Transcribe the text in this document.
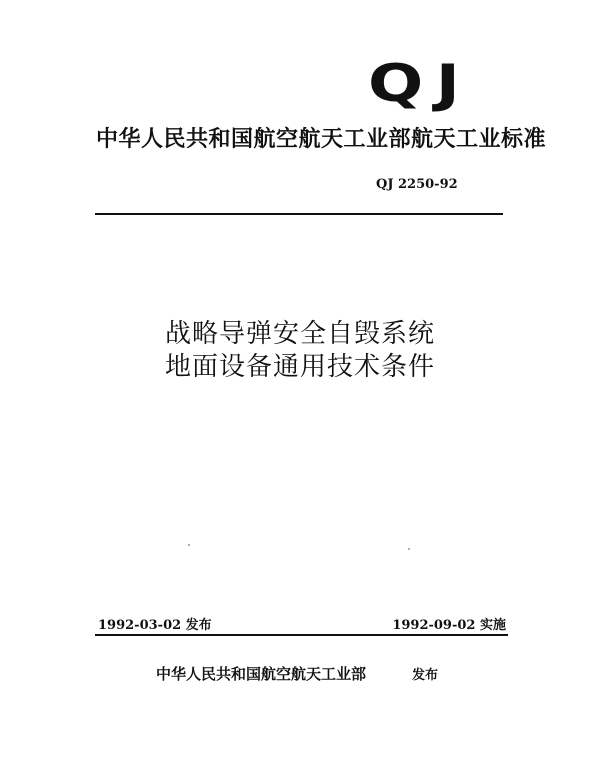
QJ
中华人民共和国航空航天工业部航天工业标准
QJ 2250-92
战略导弹安全自毁系统
地面设备通用技术条件
1992-03-02 发布	1992-09-02 实施
中华人民共和国航空航天工业部	发布
